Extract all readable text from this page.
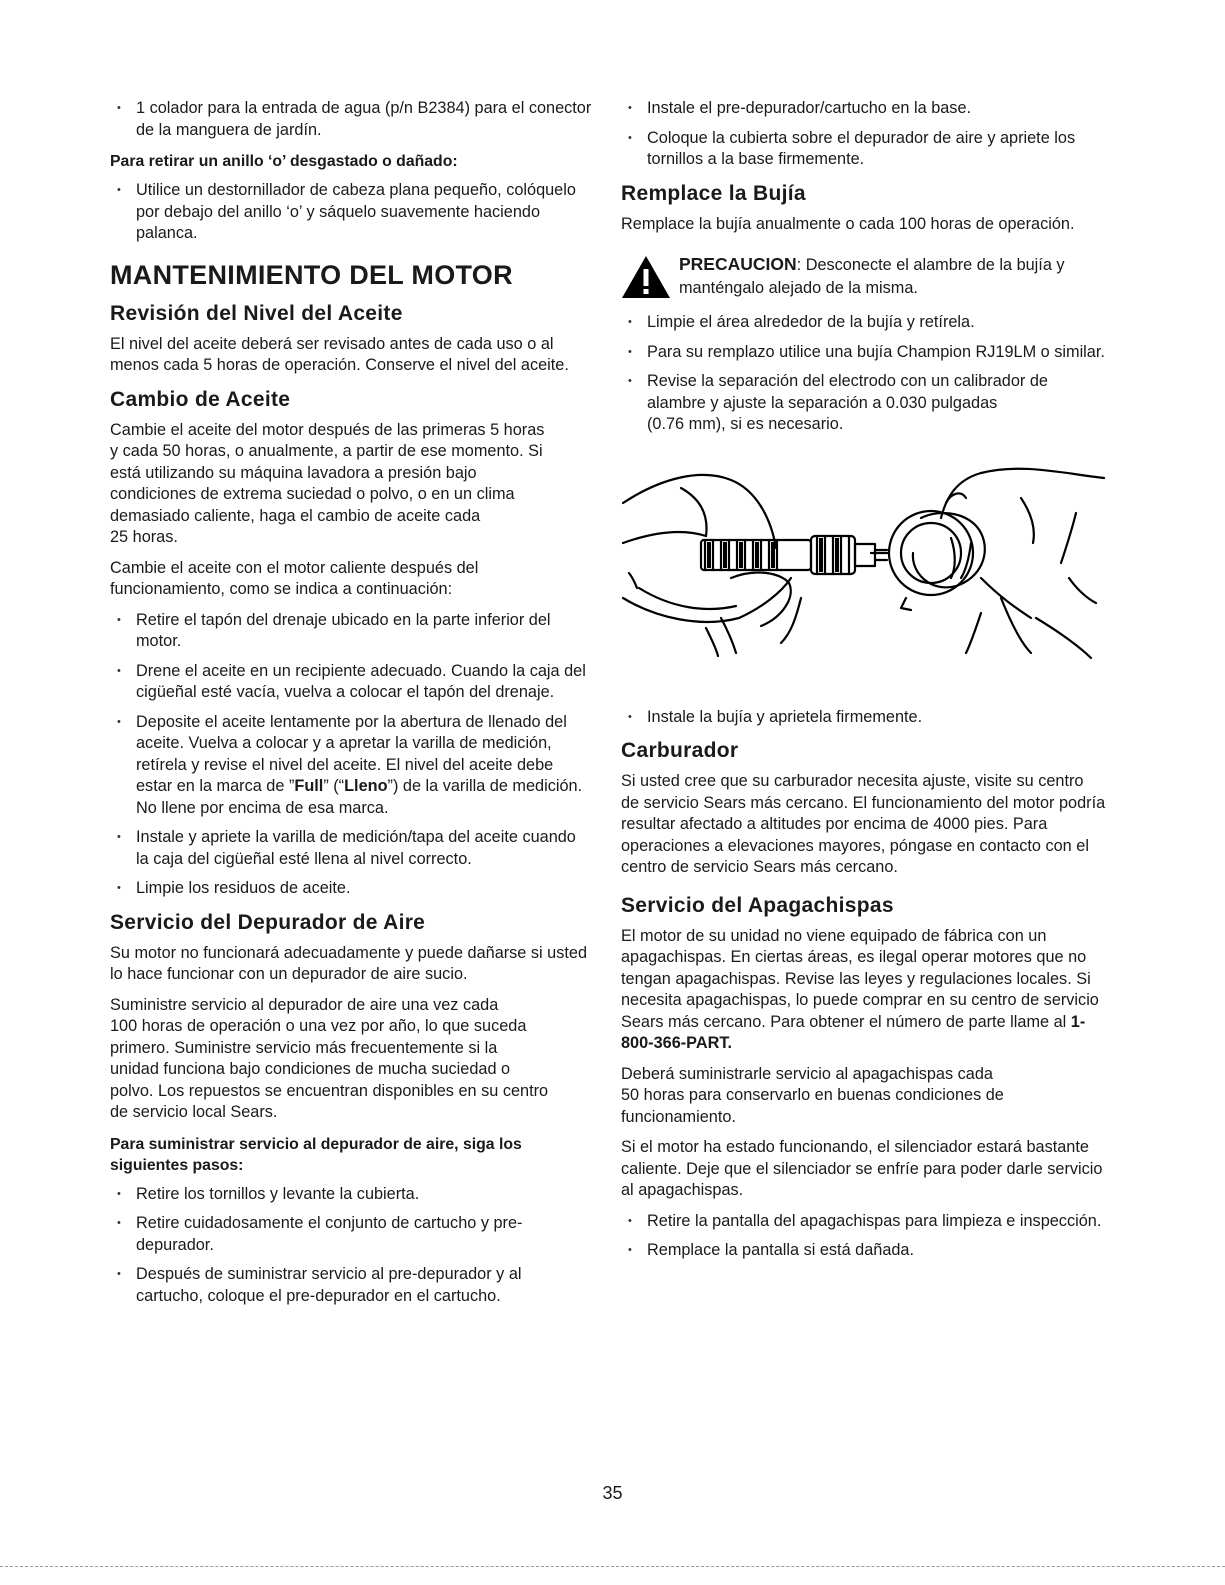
• 1 colador para la entrada de agua (p/n B2384) para el conector de la manguera de jardín.
Para retirar un anillo ‘o’ desgastado o dañado:
• Utilice un destornillador de cabeza plana pequeño, colóquelo por debajo del anillo ‘o’ y sáquelo suavemente haciendo palanca.
MANTENIMIENTO DEL MOTOR
Revisión del Nivel del Aceite

El nivel del aceite deberá ser revisado antes de cada uso o al menos cada 5 horas de operación. Conserve el nivel del aceite.

Cambio de Aceite

Cambie el aceite del motor después de las primeras 5 horas
y cada 50 horas, o anualmente, a partir de ese momento. Si
está utilizando su máquina lavadora a presión bajo
condiciones de extrema suciedad o polvo, o en un clima
demasiado caliente, haga el cambio de aceite cada
25 horas.

Cambie el aceite con el motor caliente después del funcionamiento, como se indica a continuación:

• Retire el tapón del drenaje ubicado en la parte inferior del motor.
• Drene el aceite en un recipiente adecuado. Cuando la caja del cigüeñal esté vacía, vuelva a colocar el tapón del drenaje.
• Deposite el aceite lentamente por la abertura de llenado del aceite. Vuelva a colocar y a apretar la varilla de medición, retírela y revise el nivel del aceite. El nivel del aceite debe estar en la marca de ”Full” (“Lleno”) de la varilla de medición. No llene por encima de esa marca.
• Instale y apriete la varilla de medición/tapa del aceite cuando la caja del cigüeñal esté llena al nivel correcto.
• Limpie los residuos de aceite.
Servicio del Depurador de Aire

Su motor no funcionará adecuadamente y puede dañarse si usted lo hace funcionar con un depurador de aire sucio.

Suministre servicio al depurador de aire una vez cada
100 horas de operación o una vez por año, lo que suceda
primero. Suministre servicio más frecuentemente si la
unidad funciona bajo condiciones de mucha suciedad o
polvo. Los repuestos se encuentran disponibles en su centro
de servicio local Sears.

Para suministrar servicio al depurador de aire, siga los siguientes pasos:
• Retire los tornillos y levante la cubierta.
• Retire cuidadosamente el conjunto de cartucho y pre-depurador.
• Después de suministrar servicio al pre-depurador y al cartucho, coloque el pre-depurador en el cartucho.
• Instale el pre-depurador/cartucho en la base.
• Coloque la cubierta sobre el depurador de aire y apriete los tornillos a la base firmemente.
Remplace la Bujía

Remplace la bujía anualmente o cada 100 horas de operación.

PRECAUCION: Desconecte el alambre de la bujía y manténgalo alejado de la misma.
• Limpie el área alrededor de la bujía y retírela.
• Para su remplazo utilice una bujía Champion RJ19LM o similar.
• Revise la separación del electrodo con un calibrador de
alambre y ajuste la separación a 0.030 pulgadas
(0.76 mm), si es necesario.
• Instale la bujía y aprietela firmemente.
Carburador

Si usted cree que su carburador necesita ajuste, visite su centro de servicio Sears más cercano. El funcionamiento del motor podría resultar afectado a altitudes por encima de 4000 pies. Para operaciones a elevaciones mayores, póngase en contacto con el centro de servicio Sears más cercano.

Servicio del Apagachispas

El motor de su unidad no viene equipado de fábrica con un apagachispas. En ciertas áreas, es ilegal operar motores que no tengan apagachispas. Revise las leyes y regulaciones locales. Si necesita apagachispas, lo puede comprar en su centro de servicio Sears más cercano. Para obtener el número de parte llame al 1-800-366-PART.

Deberá suministrarle servicio al apagachispas cada
50 horas para conservarlo en buenas condiciones de
funcionamiento.

Si el motor ha estado funcionando, el silenciador estará bastante caliente. Deje que el silenciador se enfríe para poder darle servicio al apagachispas.

• Retire la pantalla del apagachispas para limpieza e inspección.
• Remplace la pantalla si está dañada.
35
